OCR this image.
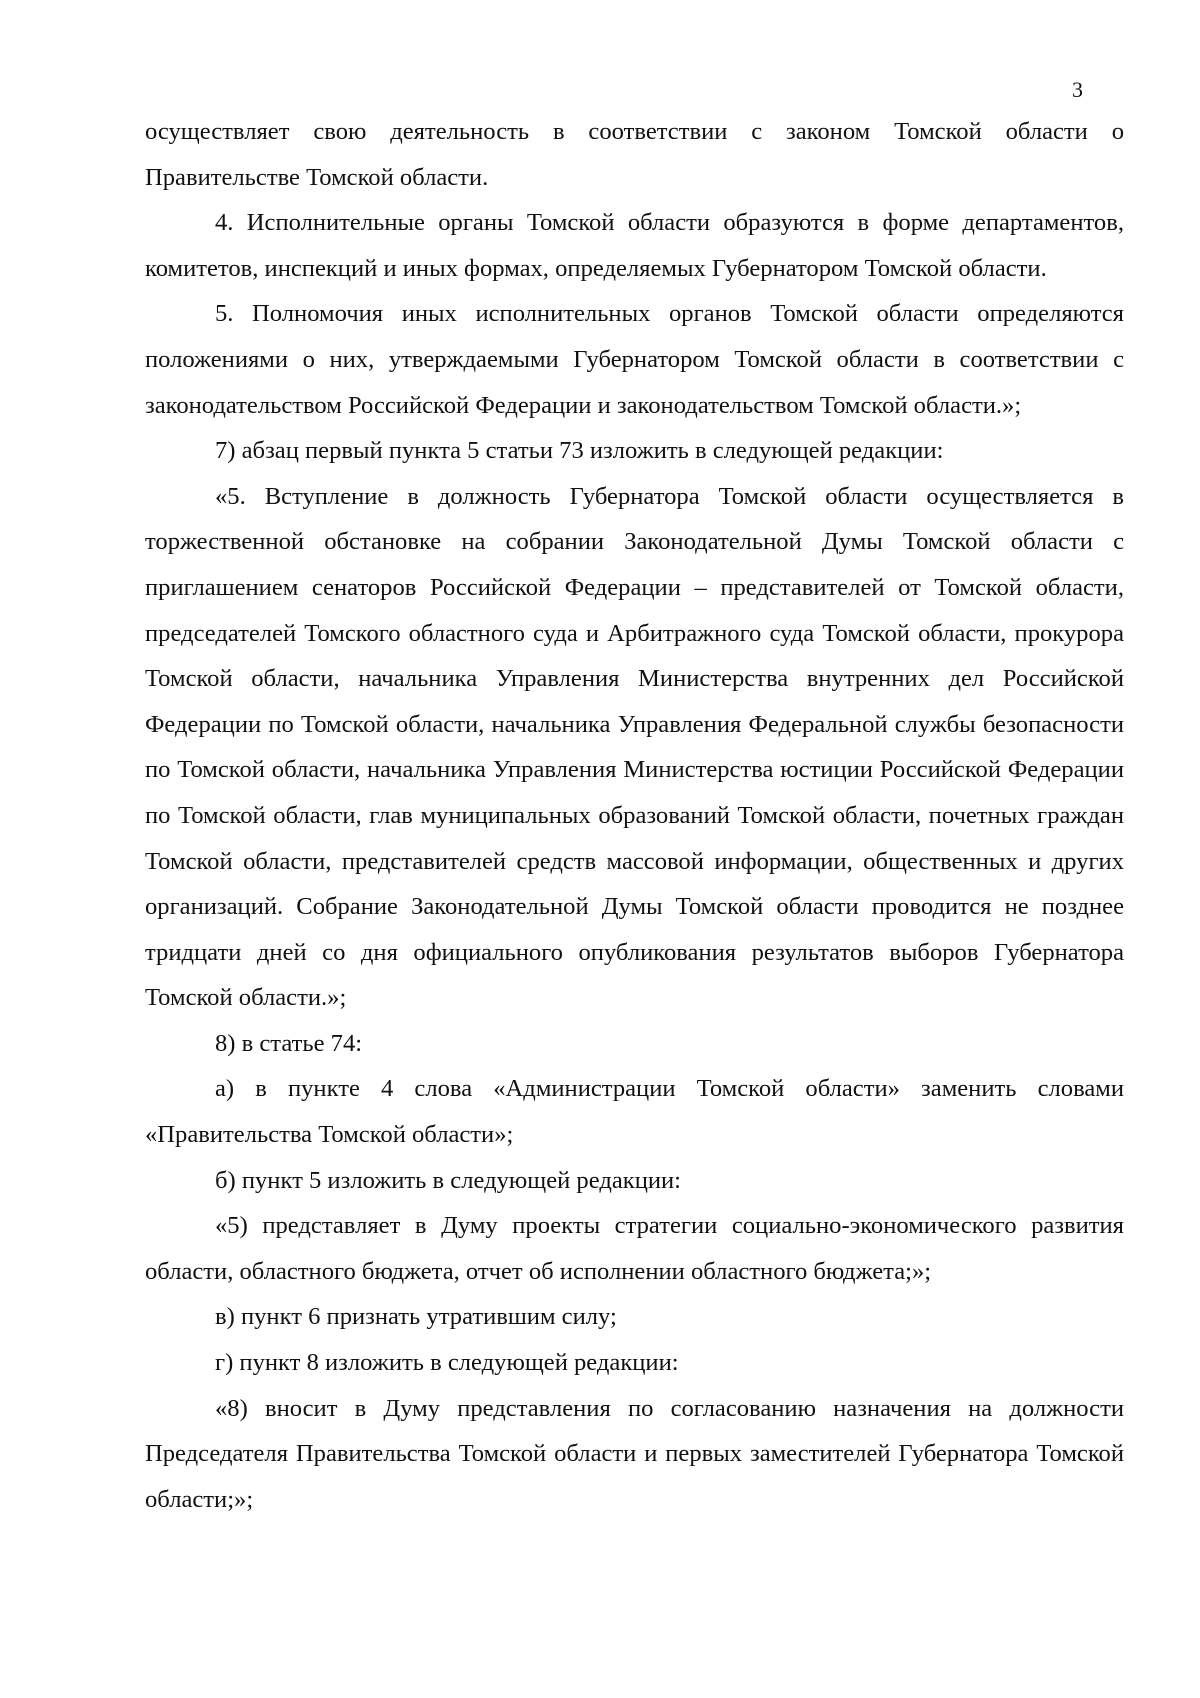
3

осуществляет свою деятельность в соответствии с законом Томской области о Правительстве Томской области.

4. Исполнительные органы Томской области образуются в форме департаментов, комитетов, инспекций и иных формах, определяемых Губернатором Томской области.

5. Полномочия иных исполнительных органов Томской области определяются положениями о них, утверждаемыми Губернатором Томской области в соответствии с законодательством Российской Федерации и законодательством Томской области.»;

7) абзац первый пункта 5 статьи 73 изложить в следующей редакции:

«5. Вступление в должность Губернатора Томской области осуществляется в торжественной обстановке на собрании Законодательной Думы Томской области с приглашением сенаторов Российской Федерации – представителей от Томской области, председателей Томского областного суда и Арбитражного суда Томской области, прокурора Томской области, начальника Управления Министерства внутренних дел Российской Федерации по Томской области, начальника Управления Федеральной службы безопасности по Томской области, начальника Управления Министерства юстиции Российской Федерации по Томской области, глав муниципальных образований Томской области, почетных граждан Томской области, представителей средств массовой информации, общественных и других организаций. Собрание Законодательной Думы Томской области проводится не позднее тридцати дней со дня официального опубликования результатов выборов Губернатора Томской области.»;

8) в статье 74:

а) в пункте 4 слова «Администрации Томской области» заменить словами «Правительства Томской области»;

б) пункт 5 изложить в следующей редакции:

«5) представляет в Думу проекты стратегии социально-экономического развития области, областного бюджета, отчет об исполнении областного бюджета;»;

в) пункт 6 признать утратившим силу;

г) пункт 8 изложить в следующей редакции:

«8) вносит в Думу представления по согласованию назначения на должности Председателя Правительства Томской области и первых заместителей Губернатора Томской области;»;
